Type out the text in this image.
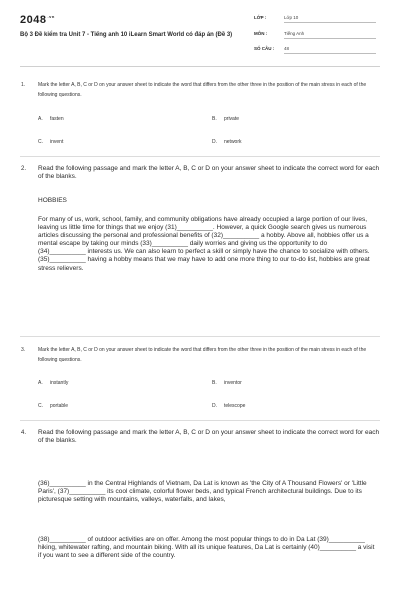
$2048^{.vn}$
Bộ 3 Đề kiểm tra Unit 7 - Tiếng anh 10 iLearn Smart World có đáp án (Đề 3)
LỚP :	Lớp 10
MÔN :	Tiếng Anh
SỐ CÂU : 48
1.	Mark the letter A, B, C or D on your answer sheet to indicate the word that differs from the other three in the position of the main stress in each of the following questions.
A. fasten	B. private
C. invent	D. network
2. Read the following passage and mark the letter A, B, C or D on your answer sheet to indicate the correct word for each of the blanks.
HOBBIES
For many of us, work, school, family, and community obligations have already occupied a large portion of our lives, leaving us little time for things that we enjoy (31)__________. However, a quick Google search gives us numerous articles discussing the personal and professional benefits of (32)__________ a hobby. Above all, hobbies offer us a mental escape by taking our minds (33)__________ daily worries and giving us the opportunity to do (34)__________ interests us. We can also learn to perfect a skill or simply have the chance to socialize with others. (35)__________ having a hobby means that we may have to add one more thing to our to-do list, hobbies are great stress relievers.
3.	Mark the letter A, B, C or D on your answer sheet to indicate the word that differs from the other three in the position of the main stress in each of the following questions.
A. instantly	B. inventor
C. portable	D. telescope
4. Read the following passage and mark the letter A, B, C or D on your answer sheet to indicate the correct word for each of the blanks.
(36)__________ in the Central Highlands of Vietnam, Da Lat is known as 'the City of A Thousand Flowers' or 'Little Paris', (37)__________ its cool climate, colorful flower beds, and typical French architectural buildings. Due to its picturesque setting with mountains, valleys, waterfalls, and lakes,
(38)__________ of outdoor activities are on offer. Among the most popular things to do in Da Lat (39)__________ hiking, whitewater rafting, and mountain biking. With all its unique features, Da Lat is certainly (40)__________ a visit if you want to see a different side of the country.
